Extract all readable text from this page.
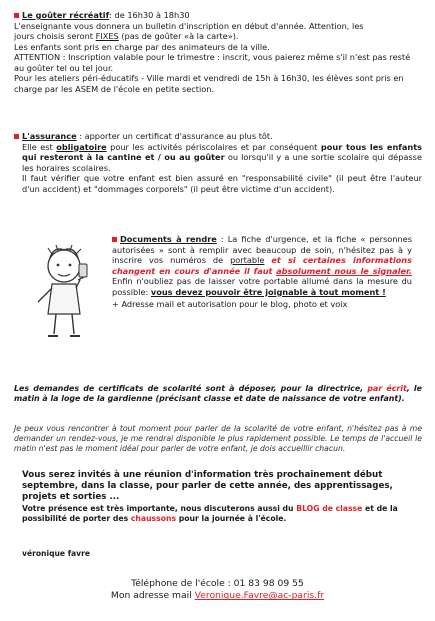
Le goûter récréatif: de 16h30 à 18h30

L'enseignante vous donnera un bulletin d'inscription en début d'année. Attention, les

jours choisis seront FIXES (pas de goûter «à la carte»).

Les enfants sont pris en charge par des animateurs de la ville.

ATTENTION : Inscription valable pour le trimestre : inscrit, vous paierez même s'il n'est pas resté au goûter tel ou tel jour.

Pour les ateliers péri-éducatifs - Ville mardi et vendredi de 15h à 16h30, les élèves sont pris en charge par les ASEM de l'école en petite section.

L'assurance : apporter un certificat d'assurance au plus tôt.

Elle est obligatoire pour les activités périscolaires et par conséquent pour tous les enfants qui resteront à la cantine et / ou au goûter ou lorsqu'il y a une sortie scolaire qui dépasse les horaires scolaires.

Il faut vérifier que votre enfant est bien assuré en "responsabilité civile" (il peut être l'auteur d'un accident) et "dommages corporels" (il peut être victime d'un accident).

Documents à rendre : La fiche d'urgence, et la fiche « personnes autorisées » sont à remplir avec beaucoup de soin, n'hésitez pas à y inscrire vos numéros de portable et si certaines informations changent en cours d'année il faut absolument nous le signaler. Enfin n'oubliez pas de laisser votre portable allumé dans la mesure du possible: vous devez pouvoir être joignable à tout moment !

+ Adresse mail et autorisation pour le blog, photo et voix

Les demandes de certificats de scolarité sont à déposer, pour la directrice, par écrit, le matin à la loge de la gardienne (précisant classe et date de naissance de votre enfant).

Je peux vous rencontrer à tout moment pour parler de la scolarité de votre enfant, n'hésitez pas à me demander un rendez-vous, je me rendrai disponible le plus rapidement possible. Le temps de l'accueil le matin n'est pas le moment idéal pour parler de votre enfant, je dois accueillir chacun.

Vous serez invités à une réunion d'information très prochainement début septembre, dans la classe, pour parler de cette année, des apprentissages, projets et sorties ...

Votre présence est très importante, nous discuterons aussi du BLOG de classe et de la possibilité de porter des chaussons pour la journée à l'école.

véronique favre

Téléphone de l'école : 01 83 98 09 55

Mon adresse mail Veronique.Favre@ac-paris.fr
